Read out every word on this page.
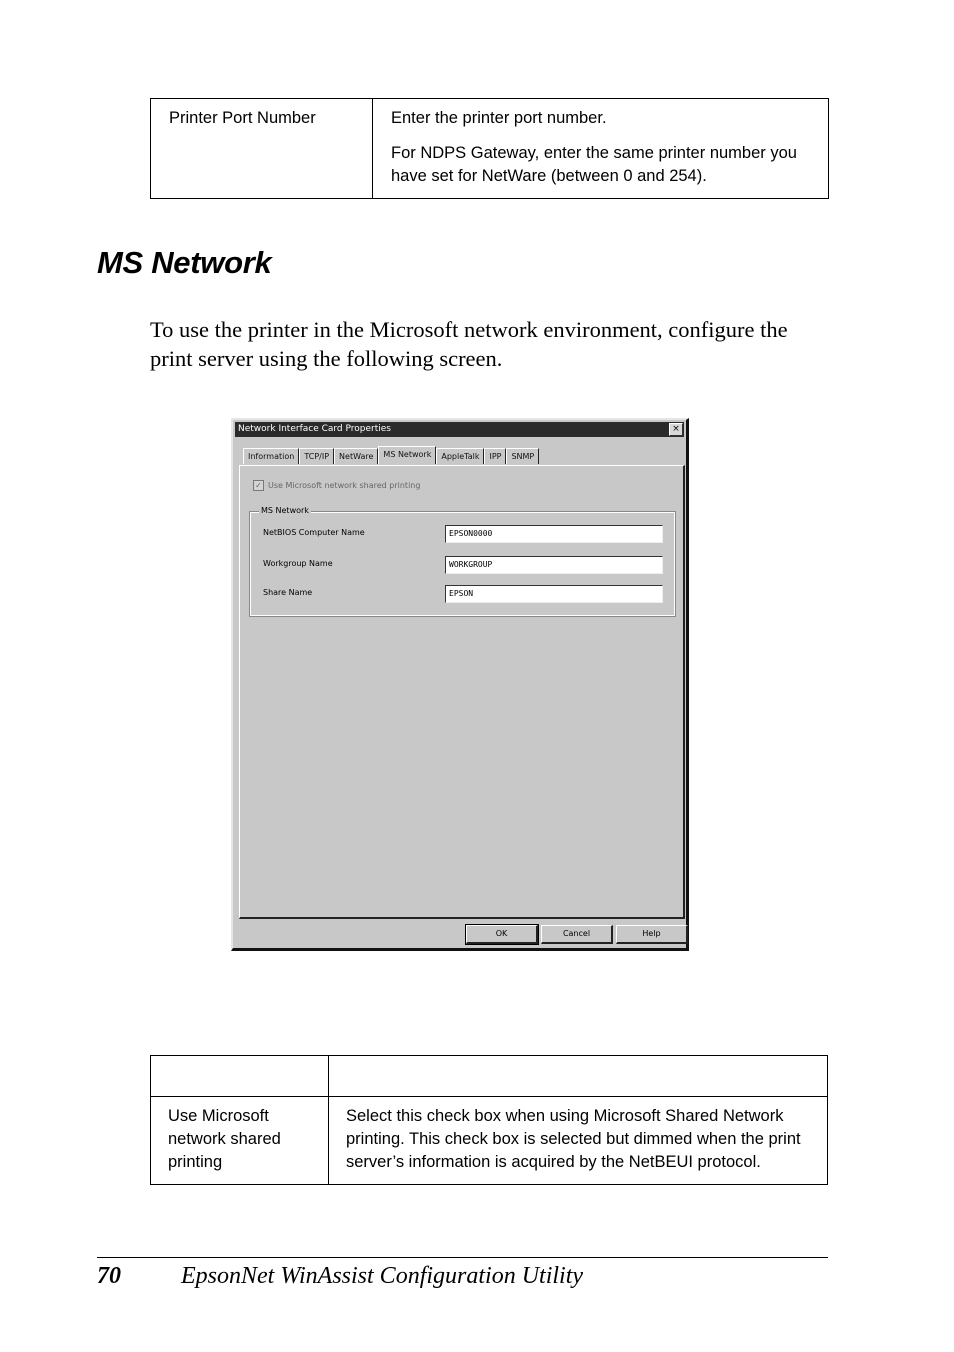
Printer Port Number	Enter the printer port number.

For NDPS Gateway, enter the same printer number you have set for NetWare (between 0 and 254).

MS Network

To use the printer in the Microsoft network environment, configure the print server using the following screen.

Network Interface Card Properties	×
Information	TCP/IP	NetWare	MS Network	AppleTalk	IPP	SNMP
✓ Use Microsoft network shared printing
MS Network
NetBIOS Computer Name	EPSON0000
Workgroup Name	WORKGROUP
Share Name	EPSON
OK	Cancel	Help

Use Microsoft network shared printing	Select this check box when using Microsoft Shared Network printing. This check box is selected but dimmed when the print server’s information is acquired by the NetBEUI protocol.
70	EpsonNet WinAssist Configuration Utility
